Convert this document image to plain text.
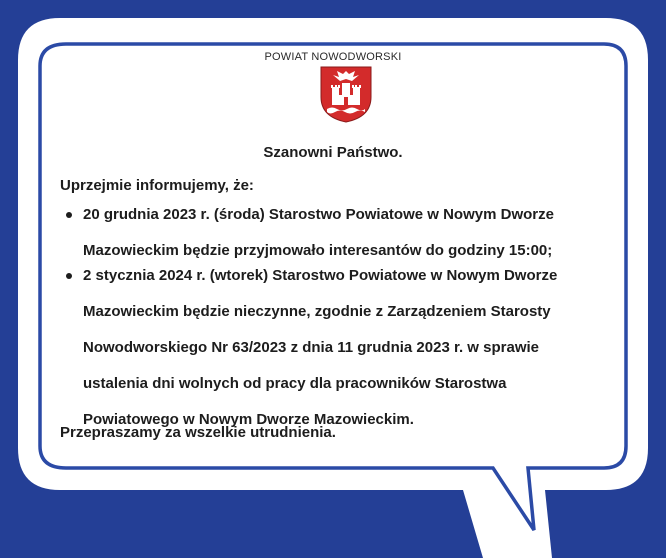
POWIAT NOWODWORSKI
Szanowni Państwo.
Uprzejmie informujemy, że:
20 grudnia 2023 r. (środa) Starostwo Powiatowe w Nowym Dworze
Mazowieckim będzie przyjmowało interesantów do godziny 15:00;
2 stycznia 2024 r. (wtorek) Starostwo Powiatowe w Nowym Dworze
Mazowieckim będzie nieczynne, zgodnie z Zarządzeniem Starosty
Nowodworskiego Nr 63/2023 z dnia 11 grudnia 2023 r. w sprawie
ustalenia dni wolnych od pracy dla pracowników Starostwa
Powiatowego w Nowym Dworze Mazowieckim.
Przepraszamy za wszelkie utrudnienia.
